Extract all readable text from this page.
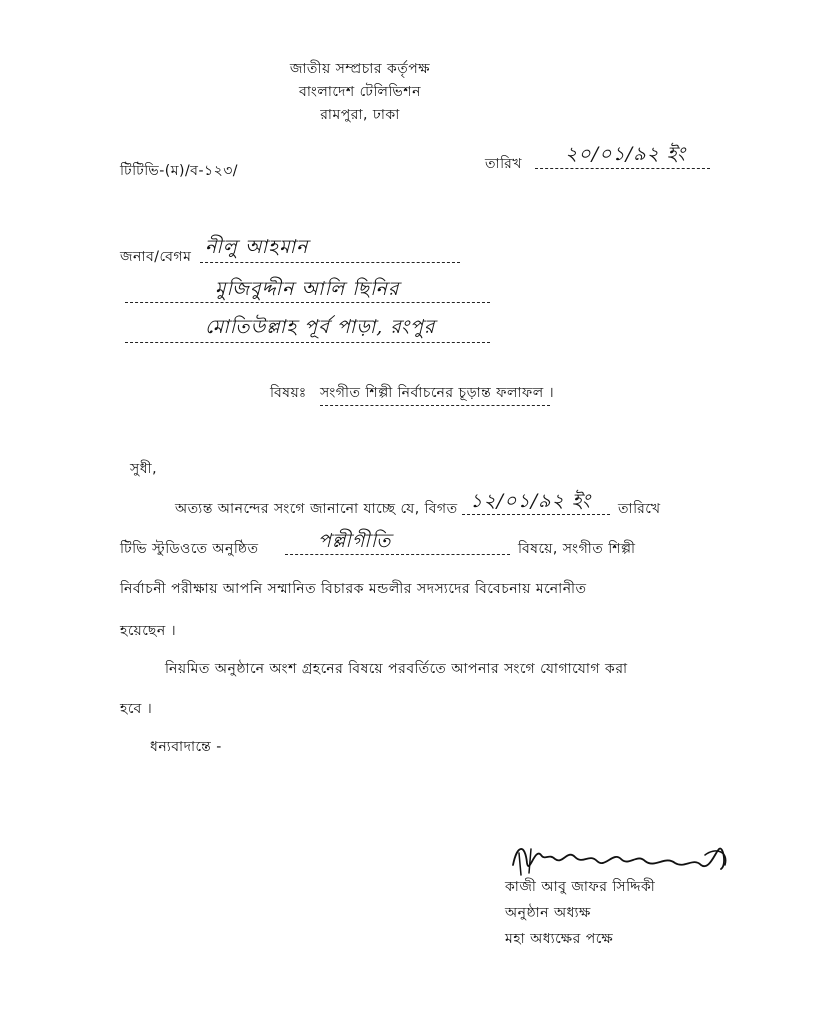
জাতীয় সম্প্রচার কর্তৃপক্ষ
বাংলাদেশ টেলিভিশন
রামপুরা, ঢাকা
টিটিভি-(ম)/ব-১২৩/	তারিখ ২০/০১/৯২ ইং
জনাব/বেগম নীলু আহমান
মুজিবুদ্দীন আলি ছিনির
মোতিউল্লাহ পূর্ব পাড়া, রংপুর
বিষয়ঃ সংগীত শিল্পী নির্বাচনের চূড়ান্ত ফলাফল ।
সুধী,
অত্যন্ত আনন্দের সংগে জানানো যাচ্ছে যে, বিগত ১২/০১/৯২ ইং তারিখে
টিভি স্টুডিওতে অনুষ্ঠিত	পল্লীগীতি	বিষয়ে, সংগীত শিল্পী
নির্বাচনী পরীক্ষায় আপনি সম্মানিত বিচারক মন্ডলীর সদস্যদের বিবেচনায় মনোনীত
হয়েছেন ।
নিয়মিত অনুষ্ঠানে অংশ গ্রহনের বিষয়ে পরবর্তিতে আপনার সংগে যোগাযোগ করা
হবে ।
ধন্যবাদান্তে -
কাজী আবু জাফর সিদ্দিকী
অনুষ্ঠান অধ্যক্ষ
মহা অধ্যক্ষের পক্ষে
